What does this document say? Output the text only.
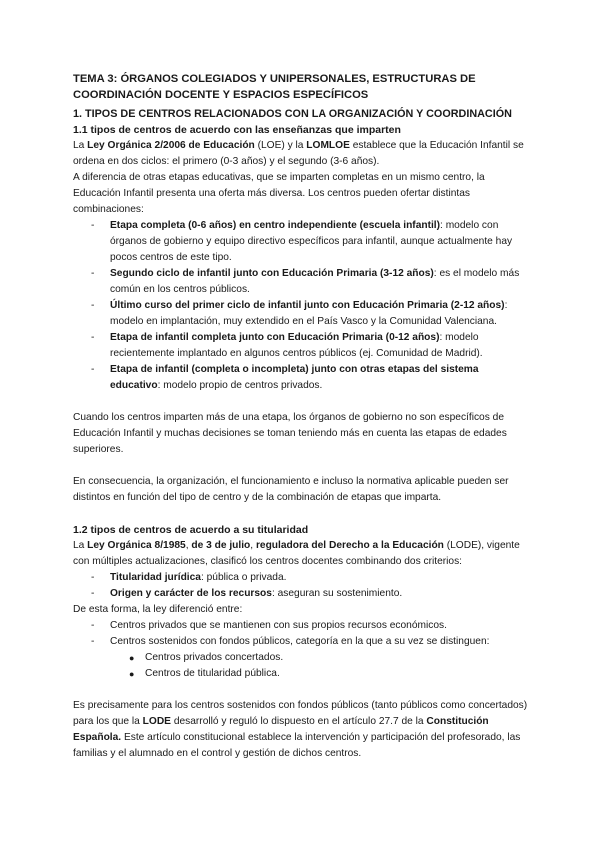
TEMA 3: ÓRGANOS COLEGIADOS Y UNIPERSONALES, ESTRUCTURAS DE COORDINACIÓN DOCENTE Y ESPACIOS ESPECÍFICOS

1. TIPOS DE CENTROS RELACIONADOS CON LA ORGANIZACIÓN Y COORDINACIÓN

1.1 tipos de centros de acuerdo con las enseñanzas que imparten

La Ley Orgánica 2/2006 de Educación (LOE) y la LOMLOE establece que la Educación Infantil se ordena en dos ciclos: el primero (0-3 años) y el segundo (3-6 años).

A diferencia de otras etapas educativas, que se imparten completas en un mismo centro, la Educación Infantil presenta una oferta más diversa. Los centros pueden ofertar distintas combinaciones:

- Etapa completa (0-6 años) en centro independiente (escuela infantil): modelo con órganos de gobierno y equipo directivo específicos para infantil, aunque actualmente hay pocos centros de este tipo.
- Segundo ciclo de infantil junto con Educación Primaria (3-12 años): es el modelo más común en los centros públicos.
- Último curso del primer ciclo de infantil junto con Educación Primaria (2-12 años): modelo en implantación, muy extendido en el País Vasco y la Comunidad Valenciana.
- Etapa de infantil completa junto con Educación Primaria (0-12 años): modelo recientemente implantado en algunos centros públicos (ej. Comunidad de Madrid).
- Etapa de infantil (completa o incompleta) junto con otras etapas del sistema educativo: modelo propio de centros privados.

Cuando los centros imparten más de una etapa, los órganos de gobierno no son específicos de Educación Infantil y muchas decisiones se toman teniendo más en cuenta las etapas de edades superiores.

En consecuencia, la organización, el funcionamiento e incluso la normativa aplicable pueden ser distintos en función del tipo de centro y de la combinación de etapas que imparta.

1.2 tipos de centros de acuerdo a su titularidad

La Ley Orgánica 8/1985, de 3 de julio, reguladora del Derecho a la Educación (LODE), vigente con múltiples actualizaciones, clasificó los centros docentes combinando dos criterios:

- Titularidad jurídica: pública o privada.
- Origen y carácter de los recursos: aseguran su sostenimiento.

De esta forma, la ley diferenció entre:

- Centros privados que se mantienen con sus propios recursos económicos.
- Centros sostenidos con fondos públicos, categoría en la que a su vez se distinguen:
● Centros privados concertados.
● Centros de titularidad pública.

Es precisamente para los centros sostenidos con fondos públicos (tanto públicos como concertados) para los que la LODE desarrolló y reguló lo dispuesto en el artículo 27.7 de la Constitución Española. Este artículo constitucional establece la intervención y participación del profesorado, las familias y el alumnado en el control y gestión de dichos centros.
